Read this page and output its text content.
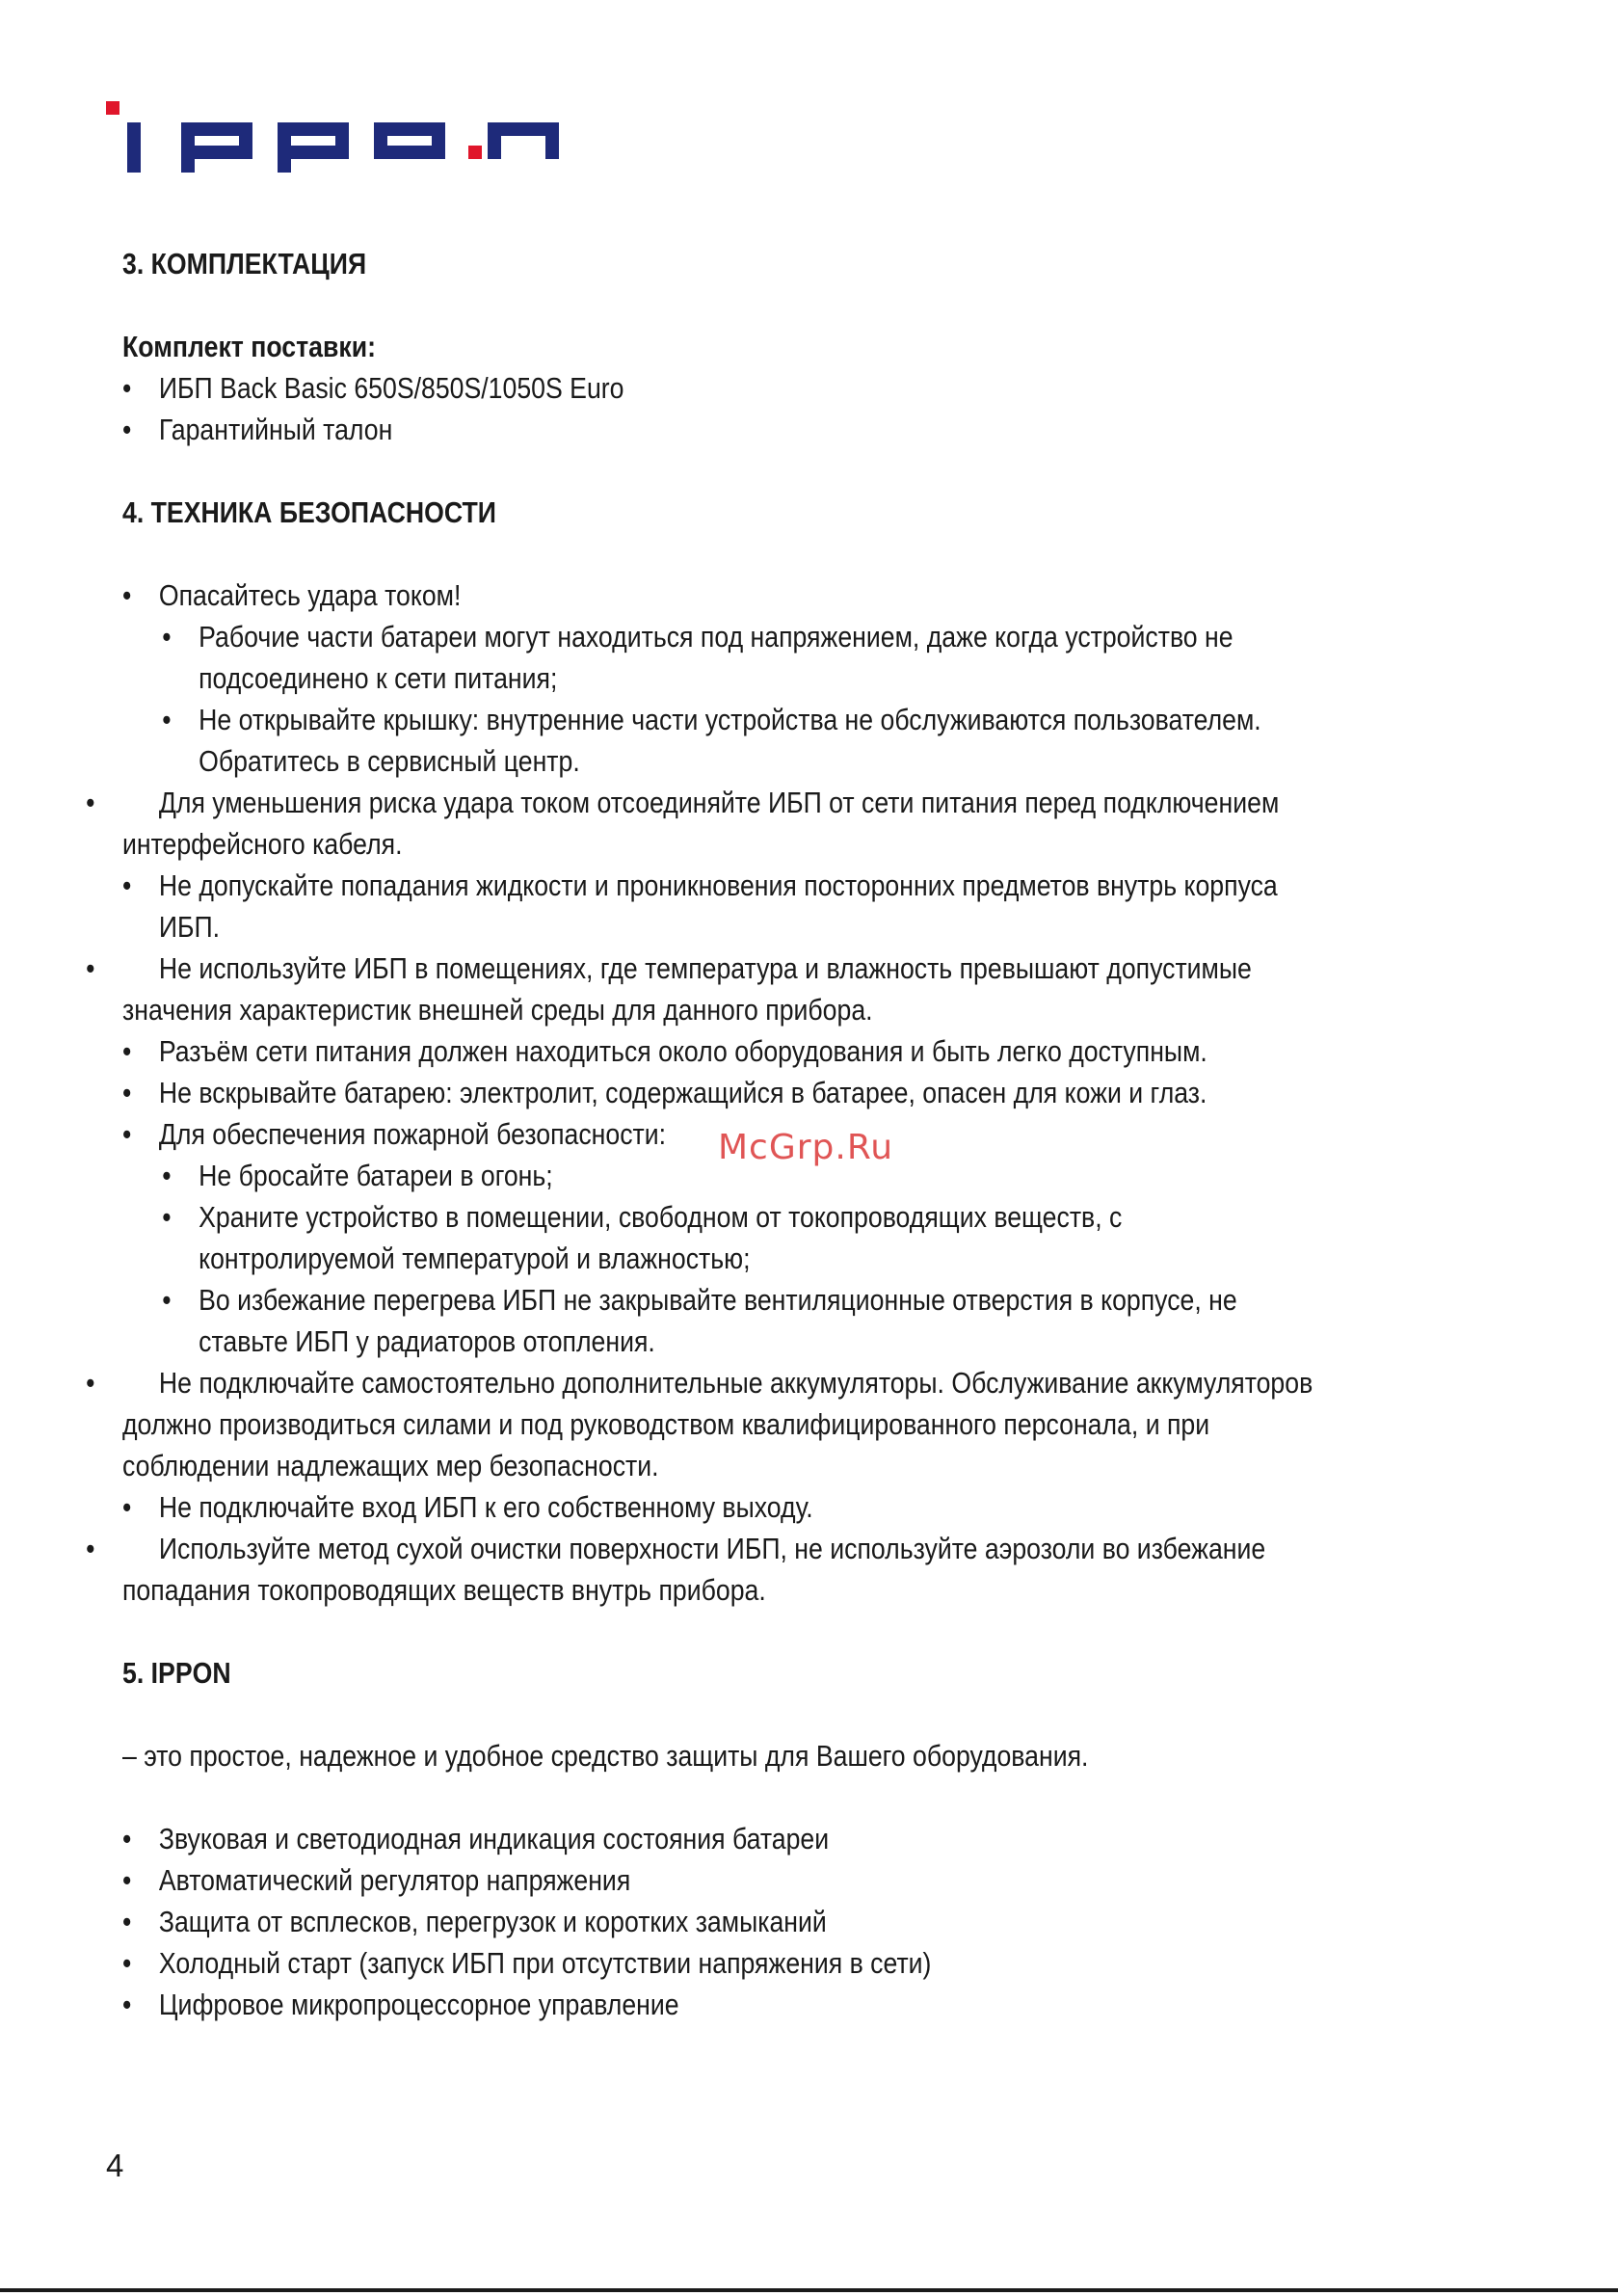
3. КОМПЛЕКТАЦИЯ

Комплект поставки:

• ИБП Back Basic 650S/850S/1050S Euro

• Гарантийный талон

4. ТЕХНИКА БЕЗОПАСНОСТИ

• Опасайтесь удара током!

• Рабочие части батареи могут находиться под напряжением, даже когда устройство не подсоединено к сети питания;

• Не открывайте крышку: внутренние части устройства не обслуживаются пользователем. Обратитесь в сервисный центр.

• Для уменьшения риска удара током отсоединяйте ИБП от сети питания перед подключением интерфейсного кабеля.

• Не допускайте попадания жидкости и проникновения посторонних предметов внутрь корпуса ИБП.

• Не используйте ИБП в помещениях, где температура и влажность превышают допустимые значения характеристик внешней среды для данного прибора.

• Разъём сети питания должен находиться около оборудования и быть легко доступным.

• Не вскрывайте батарею: электролит, содержащийся в батарее, опасен для кожи и глаз.

• Для обеспечения пожарной безопасности:

• Не бросайте батареи в огонь;

• Храните устройство в помещении, свободном от токопроводящих веществ, с контролируемой температурой и влажностью;

• Во избежание перегрева ИБП не закрывайте вентиляционные отверстия в корпусе, не ставьте ИБП у радиаторов отопления.

• Не подключайте самостоятельно дополнительные аккумуляторы. Обслуживание аккумуляторов должно производиться силами и под руководством квалифицированного персонала, и при соблюдении надлежащих мер безопасности.

• Не подключайте вход ИБП к его собственному выходу.

• Используйте метод сухой очистки поверхности ИБП, не используйте аэрозоли во избежание попадания токопроводящих веществ внутрь прибора.

5. IPPON

– это простое, надежное и удобное средство защиты для Вашего оборудования.

• Звуковая и светодиодная индикация состояния батареи

• Автоматический регулятор напряжения

• Защита от всплесков, перегрузок и коротких замыканий

• Холодный старт (запуск ИБП при отсутствии напряжения в сети)

• Цифровое микропроцессорное управление

McGrp.Ru
4
